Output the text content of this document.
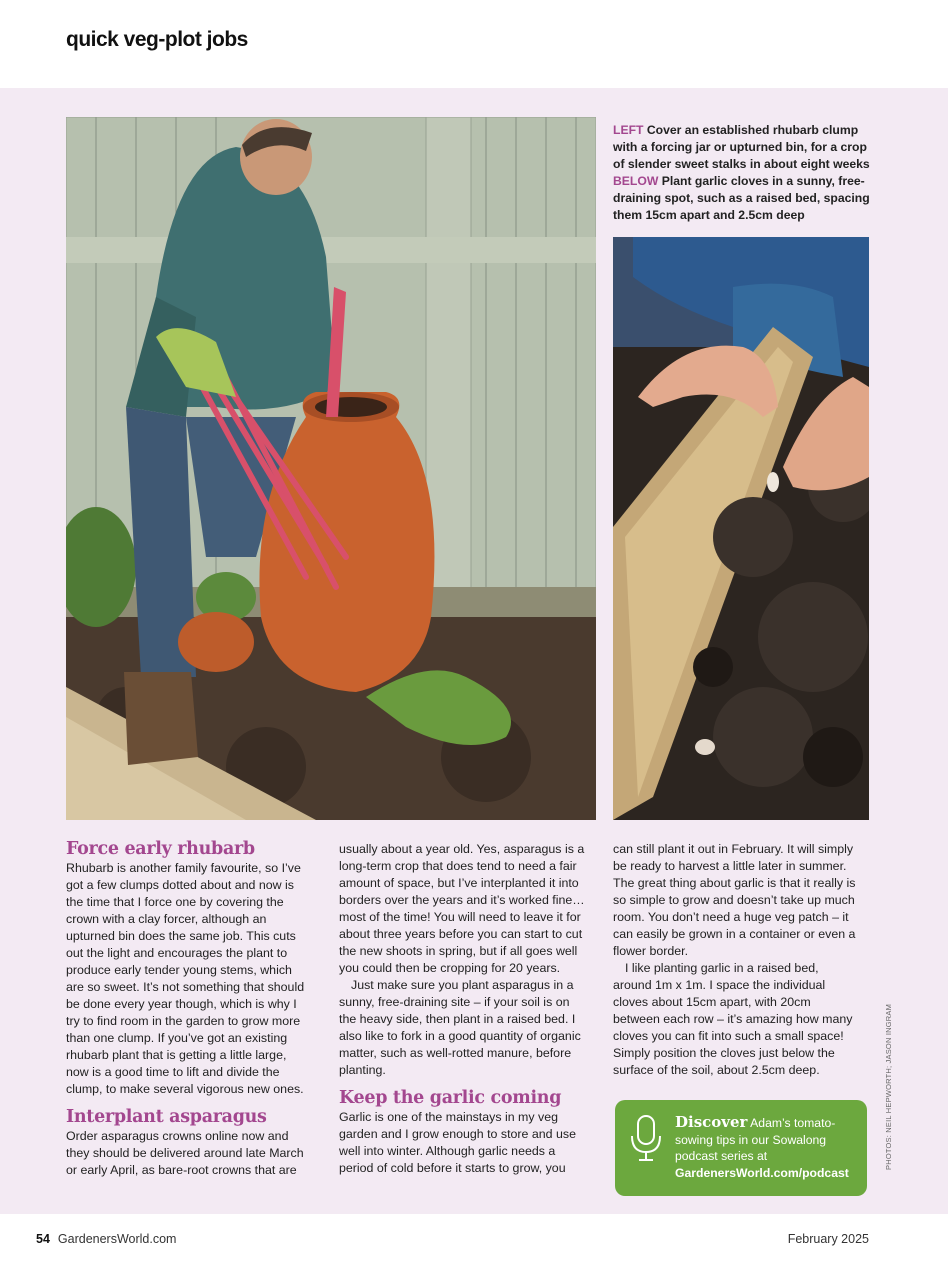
quick veg-plot jobs
LEFT Cover an established rhubarb clump with a forcing jar or upturned bin, for a crop of slender sweet stalks in about eight weeks BELOW Plant garlic cloves in a sunny, free-draining spot, such as a raised bed, spacing them 15cm apart and 2.5cm deep
Force early rhubarb

Rhubarb is another family favourite, so I’ve got a few clumps dotted about and now is the time that I force one by covering the crown with a clay forcer, although an upturned bin does the same job. This cuts out the light and encourages the plant to produce early tender young stems, which are so sweet. It’s not something that should be done every year though, which is why I try to find room in the garden to grow more than one clump. If you’ve got an existing rhubarb plant that is getting a little large, now is a good time to lift and divide the clump, to make several vigorous new ones.

Interplant asparagus

Order asparagus crowns online now and they should be delivered around late March or early April, as bare-root crowns that are

usually about a year old. Yes, asparagus is a long-term crop that does tend to need a fair amount of space, but I’ve interplanted it into borders over the years and it’s worked fine… most of the time! You will need to leave it for about three years before you can start to cut the new shoots in spring, but if all goes well you could then be cropping for 20 years.

Just make sure you plant asparagus in a sunny, free-draining site – if your soil is on the heavy side, then plant in a raised bed. I also like to fork in a good quantity of organic matter, such as well-rotted manure, before planting.

Keep the garlic coming

Garlic is one of the mainstays in my veg garden and I grow enough to store and use well into winter. Although garlic needs a period of cold before it starts to grow, you

can still plant it out in February. It will simply be ready to harvest a little later in summer. The great thing about garlic is that it really is so simple to grow and doesn’t take up much room. You don’t need a huge veg patch – it can easily be grown in a container or even a flower border.

I like planting garlic in a raised bed, around 1m x 1m. I space the individual cloves about 15cm apart, with 20cm between each row – it’s amazing how many cloves you can fit into such a small space! Simply position the cloves just below the surface of the soil, about 2.5cm deep.

Discover Adam’s tomato-sowing tips in our Sowalong podcast series at GardenersWorld.com/podcast
PHOTOS: NEIL HEPWORTH; JASON INGRAM
54 GardenersWorld.com	February 2025
